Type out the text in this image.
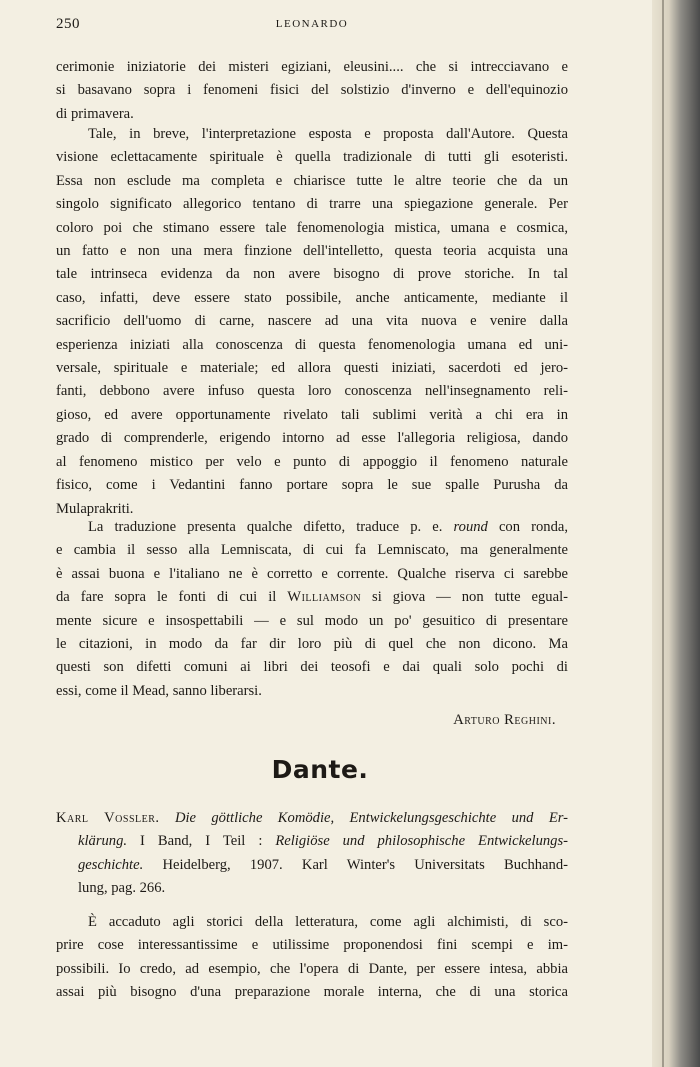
250	LEONARDO
cerimonie iniziatorie dei misteri egiziani, eleusini.... che si intrecciavano e
si basavano sopra i fenomeni fisici del solstizio d'inverno e dell'equinozio
di primavera.
Tale, in breve, l'interpretazione esposta e proposta dall'Autore. Questa
visione eclettacamente spirituale è quella tradizionale di tutti gli esoteristi.
Essa non esclude ma completa e chiarisce tutte le altre teorie che da un
singolo significato allegorico tentano di trarre una spiegazione generale. Per
coloro poi che stimano essere tale fenomenologia mistica, umana e cosmica,
un fatto e non una mera finzione dell'intelletto, questa teoria acquista una
tale intrinseca evidenza da non avere bisogno di prove storiche. In tal
caso, infatti, deve essere stato possibile, anche anticamente, mediante il
sacrificio dell'uomo di carne, nascere ad una vita nuova e venire dalla
esperienza iniziati alla conoscenza di questa fenomenologia umana ed uni-
versale, spirituale e materiale; ed allora questi iniziati, sacerdoti ed jero-
fanti, debbono avere infuso questa loro conoscenza nell'insegnamento reli-
gioso, ed avere opportunamente rivelato tali sublimi verità a chi era in
grado di comprenderle, erigendo intorno ad esse l'allegoria religiosa, dando
al fenomeno mistico per velo e punto di appoggio il fenomeno naturale
fisico, come i Vedantini fanno portare sopra le sue spalle Purusha da
Mulaprakriti.
La traduzione presenta qualche difetto, traduce p. e. round con ronda,
e cambia il sesso alla Lemniscata, di cui fa Lemniscato, ma generalmente
è assai buona e l'italiano ne è corretto e corrente. Qualche riserva ci sarebbe
da fare sopra le fonti di cui il Williamson si giova — non tutte egual-
mente sicure e insospettabili — e sul modo un po' gesuitico di presentare
le citazioni, in modo da far dir loro più di quel che non dicono. Ma
questi son difetti comuni ai libri dei teosofi e dai quali solo pochi di
essi, come il Mead, sanno liberarsi.
Arturo Reghini.
Dante.
Karl Vossler. Die göttliche Komödie, Entwickelungsgeschichte und Er-
klärung. I Band, I Teil : Religiöse und philosophische Entwickelungs-
geschichte. Heidelberg, 1907. Karl Winter's Universitats Buchhand-
lung, pag. 266.
È accaduto agli storici della letteratura, come agli alchimisti, di sco-
prire cose interessantissime e utilissime proponendosi fini scempi e im-
possibili. Io credo, ad esempio, che l'opera di Dante, per essere intesa, abbia
assai più bisogno d'una preparazione morale interna, che di una storica
